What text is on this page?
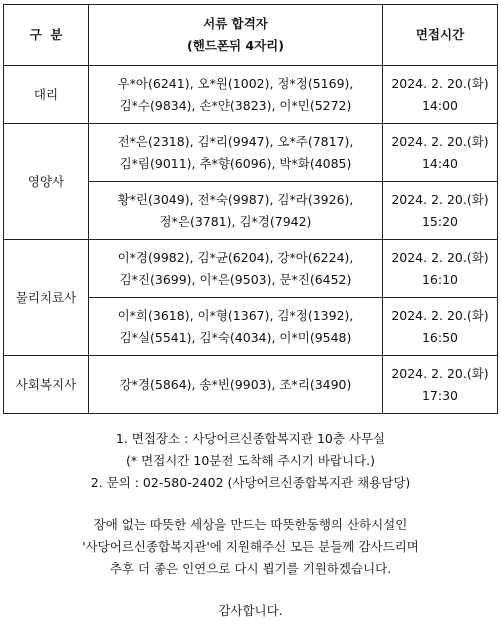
구  분	서류 합격자
(핸드폰뒤 4자리)	면접시간
대리	우*아(6241), 오*원(1002), 정*정(5169),
김*수(9834), 손*얀(3823), 이*민(5272)	2024. 2. 20.(화)
14:00

영양사	전*은(2318), 김*리(9947), 오*주(7817),
김*림(9011), 추*향(6096), 박*화(4085)	2024. 2. 20.(화)
14:40

	황*린(3049), 전*숙(9987), 김*라(3926),
정*은(3781), 김*경(7942)	2024. 2. 20.(화)
15:20

물리치료사	이*경(9982), 김*균(6204), 강*아(6224),
김*진(3699), 이*은(9503), 문*진(6452)	2024. 2. 20.(화)
16:10

	이*희(3618), 이*형(1367), 김*정(1392),
김*실(5541), 김*숙(4034), 이*미(9548)	2024. 2. 20.(화)
16:50

사회복지사	강*경(5864), 송*빈(9903), 조*리(3490)	2024. 2. 20.(화)
17:30
1. 면접장소 : 사당어르신종합복지관 10층 사무실
(* 면접시간 10분전 도착해 주시기 바랍니다.)
2. 문의 : 02-580-2402 (사당어르신종합복지관 채용담당)
장애 없는 따뜻한 세상을 만드는 따뜻한동행의 산하시설인
'사당어르신종합복지관'에 지원해주신 모든 분들께 감사드리며
추후 더 좋은 인연으로 다시 뵙기를 기원하겠습니다.
감사합니다.
